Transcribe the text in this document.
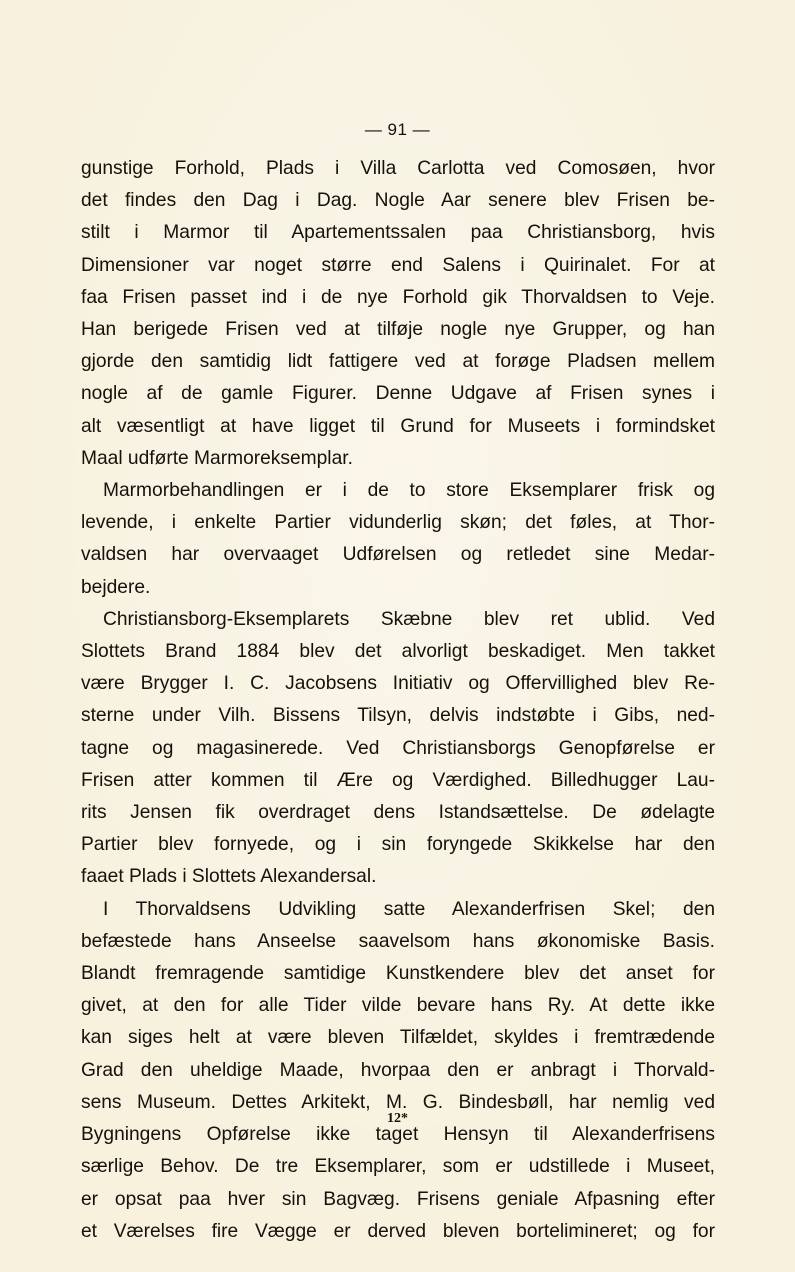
— 91 —
gunstige Forhold, Plads i Villa Carlotta ved Comosøen, hvor
det findes den Dag i Dag. Nogle Aar senere blev Frisen be-
stilt i Marmor til Apartementssalen paa Christiansborg, hvis
Dimensioner var noget større end Salens i Quirinalet. For at
faa Frisen passet ind i de nye Forhold gik Thorvaldsen to Veje.
Han berigede Frisen ved at tilføje nogle nye Grupper, og han
gjorde den samtidig lidt fattigere ved at forøge Pladsen mellem
nogle af de gamle Figurer. Denne Udgave af Frisen synes i
alt væsentligt at have ligget til Grund for Museets i formindsket
Maal udførte Marmoreksemplar.
Marmorbehandlingen er i de to store Eksemplarer frisk og
levende, i enkelte Partier vidunderlig skøn; det føles, at Thor-
valdsen har overvaaget Udførelsen og retledet sine Medar-
bejdere.
Christiansborg-Eksemplarets Skæbne blev ret ublid. Ved
Slottets Brand 1884 blev det alvorligt beskadiget. Men takket
være Brygger I. C. Jacobsens Initiativ og Offervillighed blev Re-
sterne under Vilh. Bissens Tilsyn, delvis indstøbte i Gibs, ned-
tagne og magasinerede. Ved Christiansborgs Genopførelse er
Frisen atter kommen til Ære og Værdighed. Billedhugger Lau-
rits Jensen fik overdraget dens Istandsættelse. De ødelagte
Partier blev fornyede, og i sin foryngede Skikkelse har den
faaet Plads i Slottets Alexandersal.
I Thorvaldsens Udvikling satte Alexanderfrisen Skel; den
befæstede hans Anseelse saavelsom hans økonomiske Basis.
Blandt fremragende samtidige Kunstkendere blev det anset for
givet, at den for alle Tider vilde bevare hans Ry. At dette ikke
kan siges helt at være bleven Tilfældet, skyldes i fremtrædende
Grad den uheldige Maade, hvorpaa den er anbragt i Thorvald-
sens Museum. Dettes Arkitekt, M. G. Bindesbøll, har nemlig ved
Bygningens Opførelse ikke taget Hensyn til Alexanderfrisens
særlige Behov. De tre Eksemplarer, som er udstillede i Museet,
er opsat paa hver sin Bagvæg. Frisens geniale Afpasning efter
et Værelses fire Vægge er derved bleven bortelimineret; og for
12*
